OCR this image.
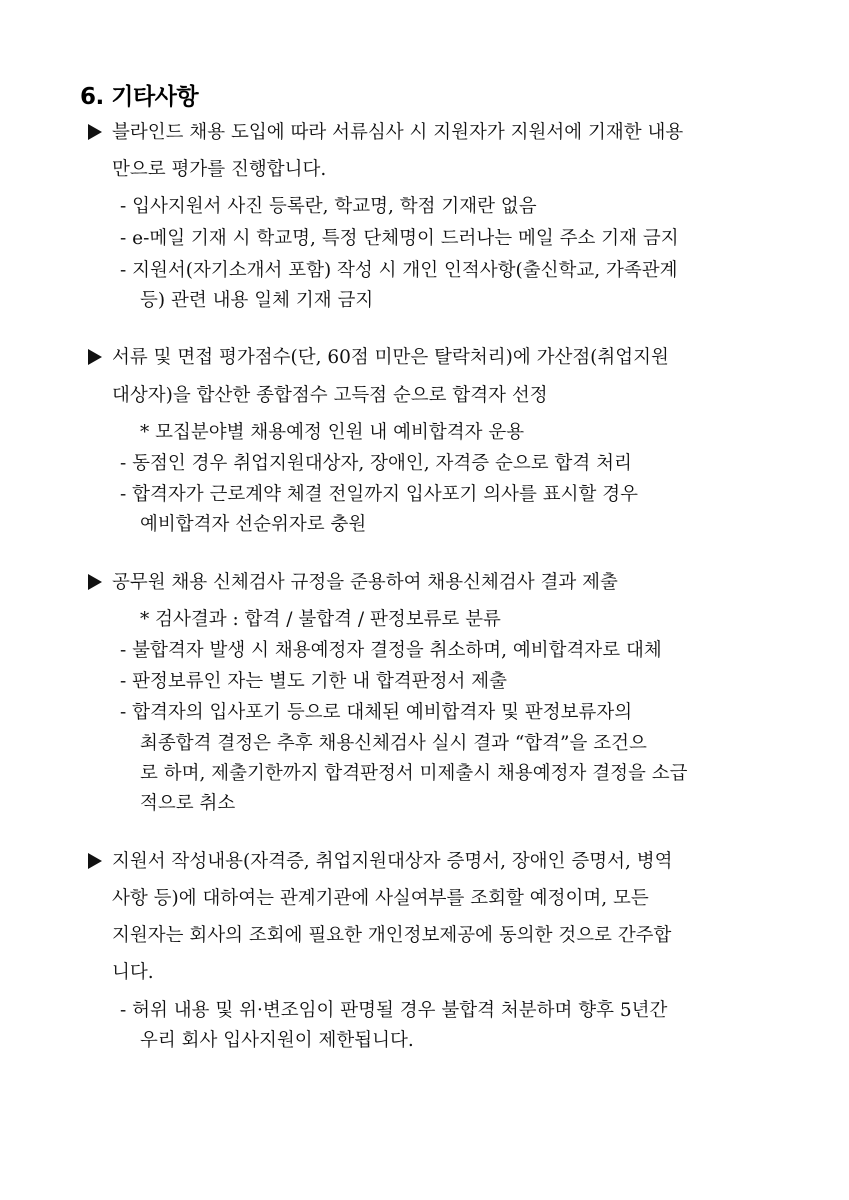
6. 기타사항
블라인드 채용 도입에 따라 서류심사 시 지원자가 지원서에 기재한 내용
만으로 평가를 진행합니다.
- 입사지원서 사진 등록란, 학교명, 학점 기재란 없음
- e-메일 기재 시 학교명, 특정 단체명이 드러나는 메일 주소 기재 금지
- 지원서(자기소개서 포함) 작성 시 개인 인적사항(출신학교, 가족관계
등) 관련 내용 일체 기재 금지
서류 및 면접 평가점수(단, 60점 미만은 탈락처리)에 가산점(취업지원
대상자)을 합산한 종합점수 고득점 순으로 합격자 선정
* 모집분야별 채용예정 인원 내 예비합격자 운용
- 동점인 경우 취업지원대상자, 장애인, 자격증 순으로 합격 처리
- 합격자가 근로계약 체결 전일까지 입사포기 의사를 표시할 경우
예비합격자 선순위자로 충원
공무원 채용 신체검사 규정을 준용하여 채용신체검사 결과 제출
* 검사결과 : 합격 / 불합격 / 판정보류로 분류
- 불합격자 발생 시 채용예정자 결정을 취소하며, 예비합격자로 대체
- 판정보류인 자는 별도 기한 내 합격판정서 제출
- 합격자의 입사포기 등으로 대체된 예비합격자 및 판정보류자의
최종합격 결정은 추후 채용신체검사 실시 결과 “합격”을 조건으
로 하며, 제출기한까지 합격판정서 미제출시 채용예정자 결정을 소급
적으로 취소
지원서 작성내용(자격증, 취업지원대상자 증명서, 장애인 증명서, 병역
사항 등)에 대하여는 관계기관에 사실여부를 조회할 예정이며, 모든
지원자는 회사의 조회에 필요한 개인정보제공에 동의한 것으로 간주합
니다.
- 허위 내용 및 위·변조임이 판명될 경우 불합격 처분하며 향후 5년간
우리 회사 입사지원이 제한됩니다.
